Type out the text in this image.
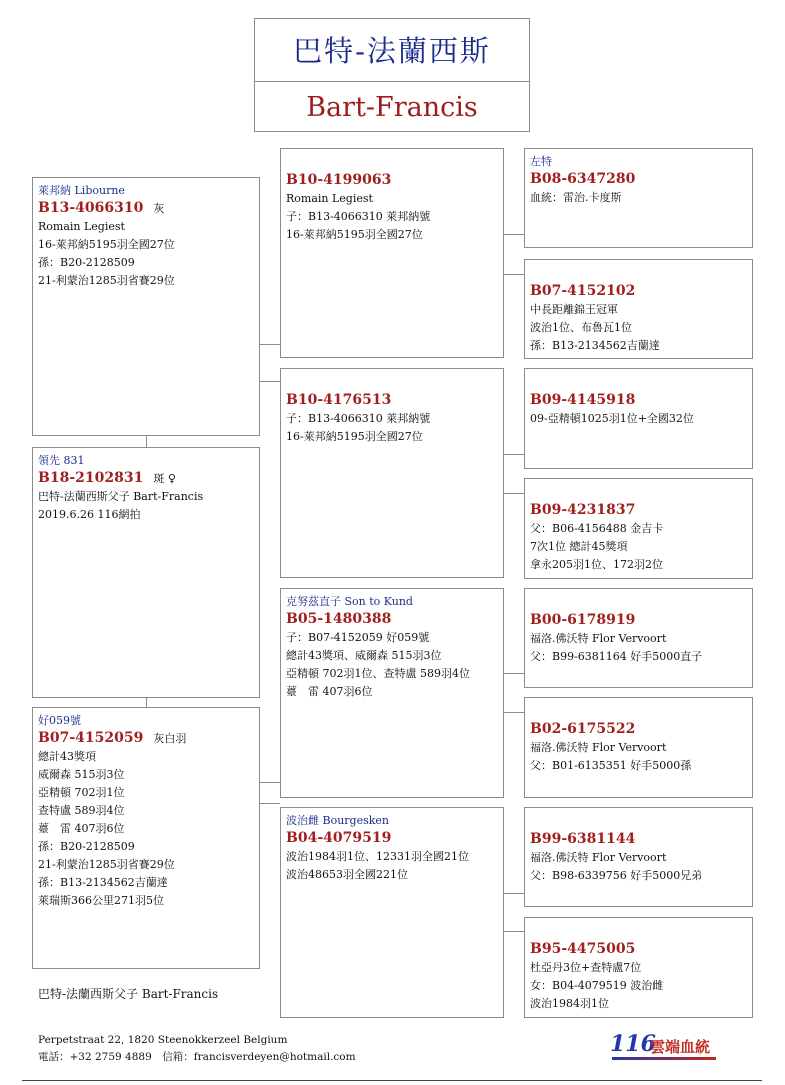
巴特-法蘭西斯
Bart-Francis
萊邦納 Libourne
B13-4066310 灰
Romain Legiest
16-萊邦納5195羽全國27位
孫：B20-2128509
21-利蒙治1285羽省賽29位
領先 831
B18-2102831 斑 ♀
巴特-法蘭西斯父子 Bart-Francis
2019.6.26 116網拍
好059號
B07-4152059 灰白羽
總計43獎項
威爾森 515羽3位
亞精頓 702羽1位
查特盧 589羽4位
薹　雷 407羽6位
孫：B20-2128509
21-利蒙治1285羽省賽29位
孫：B13-2134562吉蘭達
萊瑞斯366公里271羽5位
B10-4199063
Romain Legiest
子：B13-4066310 萊邦納號
16-萊邦納5195羽全國27位
B10-4176513
子：B13-4066310 萊邦納號
16-萊邦納5195羽全國27位
克努茲直子 Son to Kund
B05-1480388
子：B07-4152059 好059號
總計43獎項、威爾森 515羽3位
亞精頓 702羽1位、查特盧 589羽4位
薹　雷 407羽6位
波治雌 Bourgesken
B04-4079519
波治1984羽1位、12331羽全國21位
波治48653羽全國221位
左特
B08-6347280
血統：雷治.卡度斯
B07-4152102
中長距離錦王冠軍
波治1位、布魯瓦1位
孫：B13-2134562吉蘭達
B09-4145918
09-亞精頓1025羽1位+全國32位
B09-4231837
父：B06-4156488 金吉卡
7次1位 總計45獎項
拿永205羽1位、172羽2位
B00-6178919
福洛.佛沃特 Flor Vervoort
父：B99-6381164 好手5000直子
B02-6175522
福洛.佛沃特 Flor Vervoort
父：B01-6135351 好手5000孫
B99-6381144
福洛.佛沃特 Flor Vervoort
父：B98-6339756 好手5000兄弟
B95-4475005
杜亞丹3位+查特盧7位
女：B04-4079519 波治雌
波治1984羽1位
巴特-法蘭西斯父子 Bart-Francis
Perpetstraat 22, 1820 Steenokkerzeel Belgium
電話：+32 2759 4889　信箱：francisverdeyen@hotmail.com	116
雲端血統
